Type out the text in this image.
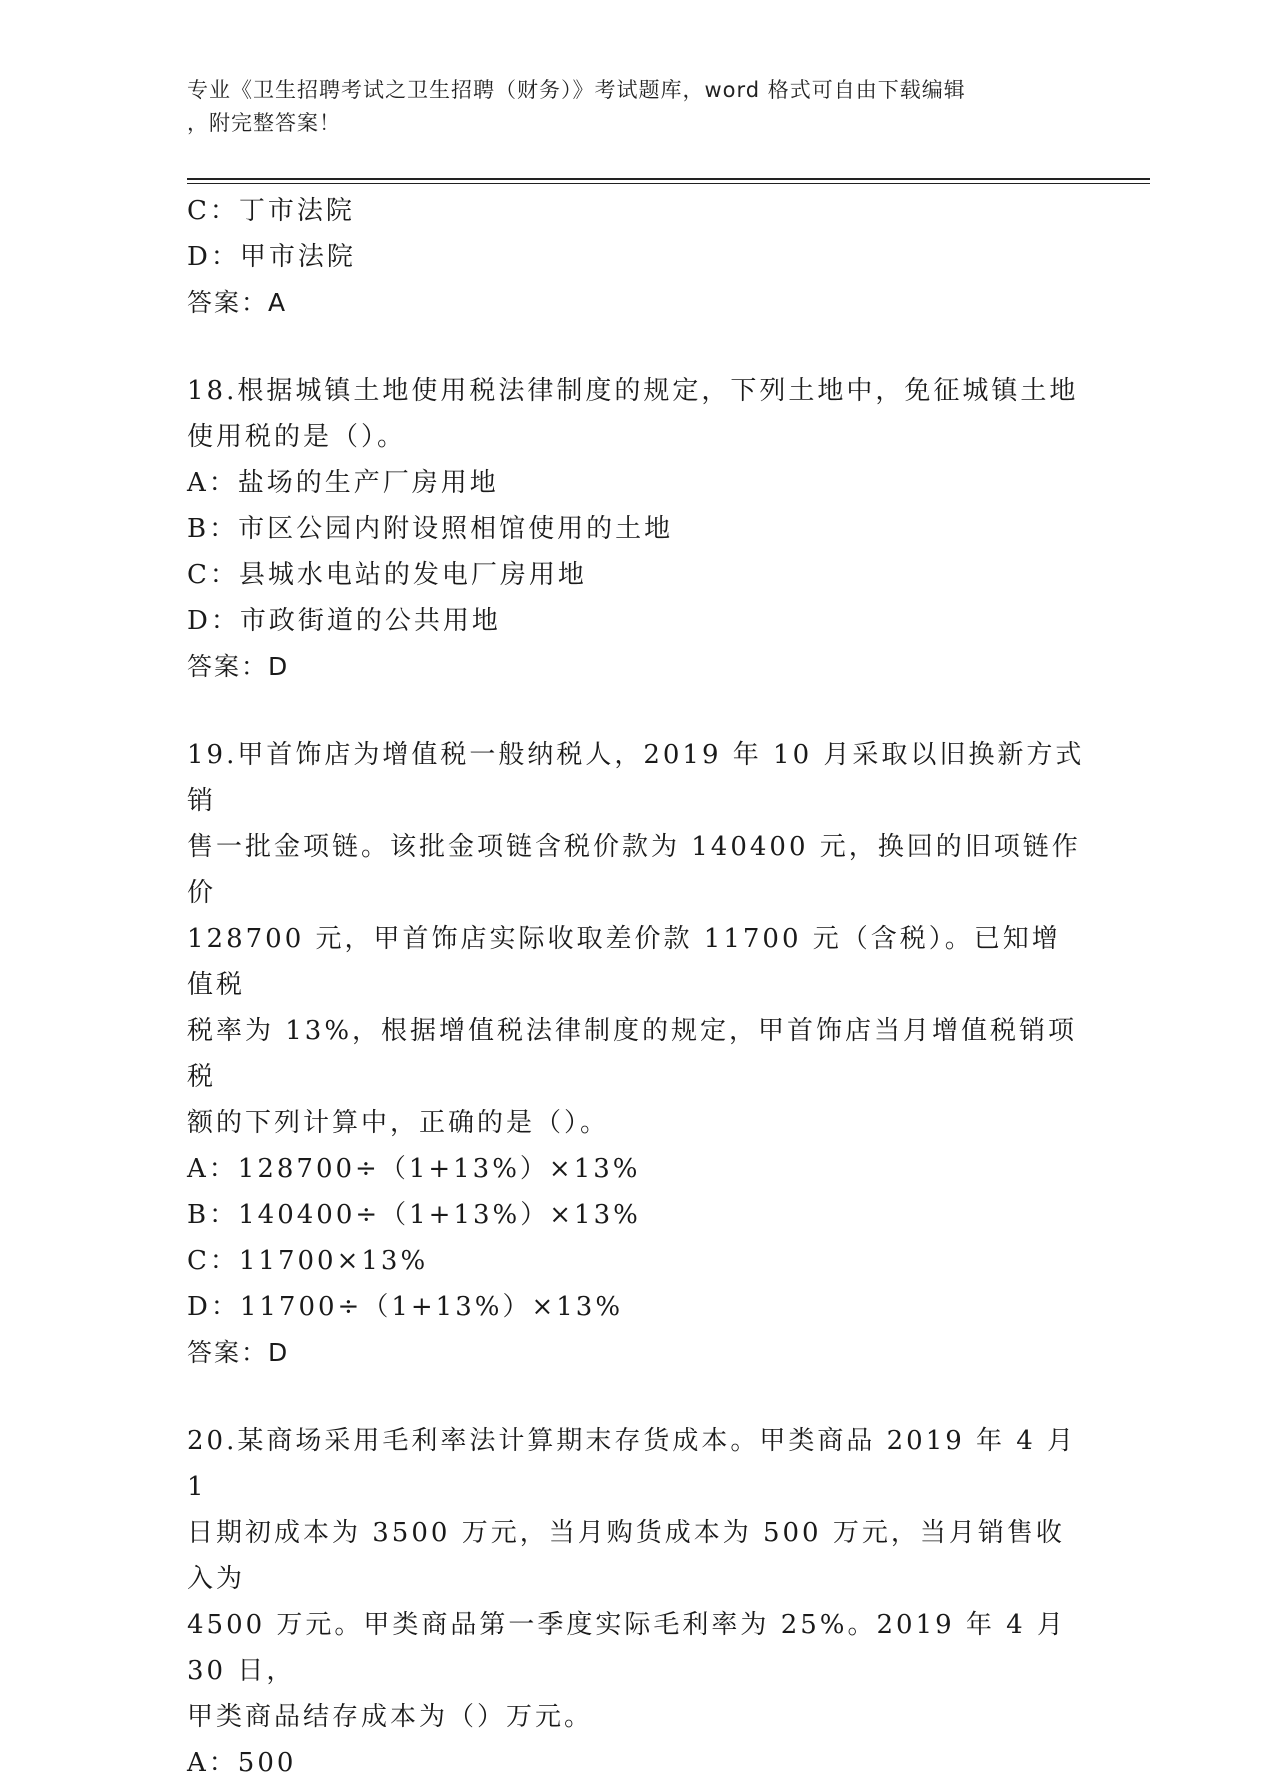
专业《卫生招聘考试之卫生招聘（财务）》考试题库，word 格式可自由下载编辑
，附完整答案！
C：丁市法院
D：甲市法院
答案：A
18.根据城镇土地使用税法律制度的规定，下列土地中，免征城镇土地
使用税的是（）。
A：盐场的生产厂房用地
B：市区公园内附设照相馆使用的土地
C：县城水电站的发电厂房用地
D：市政街道的公共用地
答案：D
19.甲首饰店为增值税一般纳税人，2019 年 10 月采取以旧换新方式销
售一批金项链。该批金项链含税价款为 140400 元，换回的旧项链作价
128700 元，甲首饰店实际收取差价款 11700 元（含税）。已知增值税
税率为 13%，根据增值税法律制度的规定，甲首饰店当月增值税销项税
额的下列计算中，正确的是（）。
A：128700÷（1+13%）×13%
B：140400÷（1+13%）×13%
C：11700×13%
D：11700÷（1+13%）×13%
答案：D
20.某商场采用毛利率法计算期末存货成本。甲类商品 2019 年 4 月 1
日期初成本为 3500 万元，当月购货成本为 500 万元，当月销售收入为
4500 万元。甲类商品第一季度实际毛利率为 25%。2019 年 4 月 30 日，
甲类商品结存成本为（）万元。
A：500
